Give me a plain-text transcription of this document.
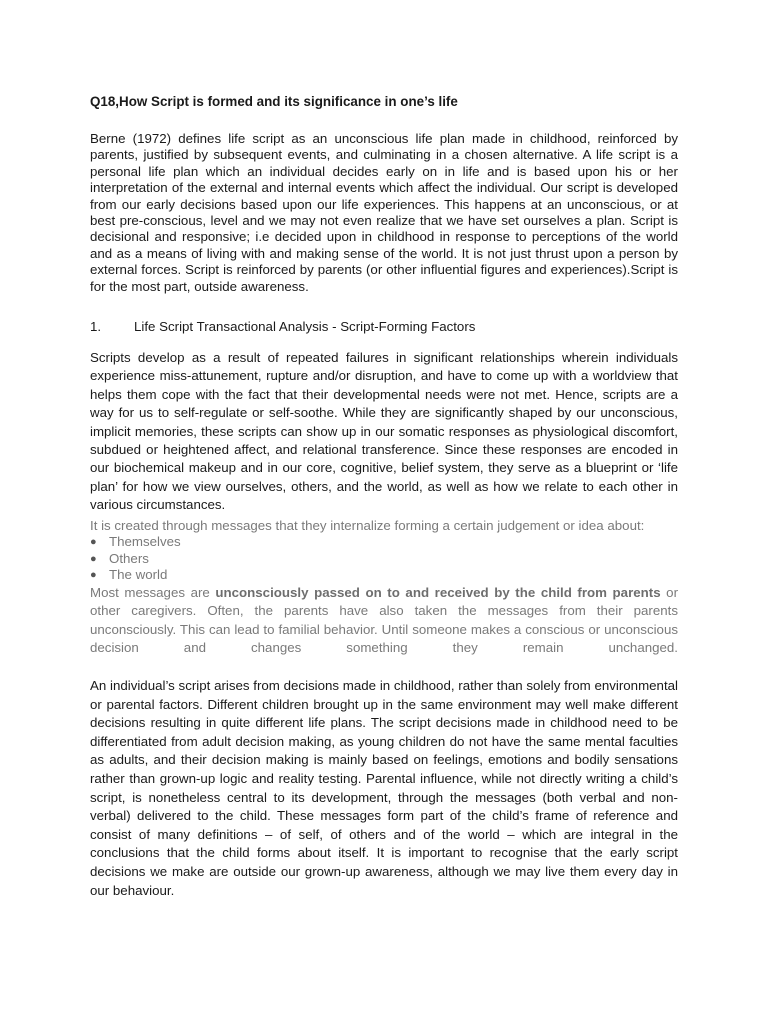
Q18,How Script is formed and its significance in one’s life

Berne (1972) defines life script as an unconscious life plan made in childhood, reinforced by parents, justified by subsequent events, and culminating in a chosen alternative. A life script is a personal life plan which an individual decides early on in life and is based upon his or her interpretation of the external and internal events which affect the individual. Our script is developed from our early decisions based upon our life experiences. This happens at an unconscious, or at best pre-conscious, level and we may not even realize that we have set ourselves a plan. Script is decisional and responsive; i.e decided upon in childhood in response to perceptions of the world and as a means of living with and making sense of the world. It is not just thrust upon a person by external forces. Script is reinforced by parents (or other influential figures and experiences).Script is for the most part, outside awareness.

1. Life Script Transactional Analysis - Script-Forming Factors

Scripts develop as a result of repeated failures in significant relationships wherein individuals experience miss-attunement, rupture and/or disruption, and have to come up with a worldview that helps them cope with the fact that their developmental needs were not met. Hence, scripts are a way for us to self-regulate or self-soothe. While they are significantly shaped by our unconscious, implicit memories, these scripts can show up in our somatic responses as physiological discomfort, subdued or heightened affect, and relational transference. Since these responses are encoded in our biochemical makeup and in our core, cognitive, belief system, they serve as a blueprint or ‘life plan’ for how we view ourselves, others, and the world, as well as how we relate to each other in various circumstances.

It is created through messages that they internalize forming a certain judgement or idea about:

● Themselves
● Others
● The world

Most messages are unconsciously passed on to and received by the child from parents or other caregivers. Often, the parents have also taken the messages from their parents unconsciously. This can lead to familial behavior. Until someone makes a conscious or unconscious decision and changes something they remain unchanged.

An individual’s script arises from decisions made in childhood, rather than solely from environmental or parental factors. Different children brought up in the same environment may well make different decisions resulting in quite different life plans. The script decisions made in childhood need to be differentiated from adult decision making, as young children do not have the same mental faculties as adults, and their decision making is mainly based on feelings, emotions and bodily sensations rather than grown-up logic and reality testing. Parental influence, while not directly writing a child’s script, is nonetheless central to its development, through the messages (both verbal and non-verbal) delivered to the child. These messages form part of the child’s frame of reference and consist of many definitions – of self, of others and of the world – which are integral in the conclusions that the child forms about itself. It is important to recognise that the early script decisions we make are outside our grown-up awareness, although we may live them every day in our behaviour.
